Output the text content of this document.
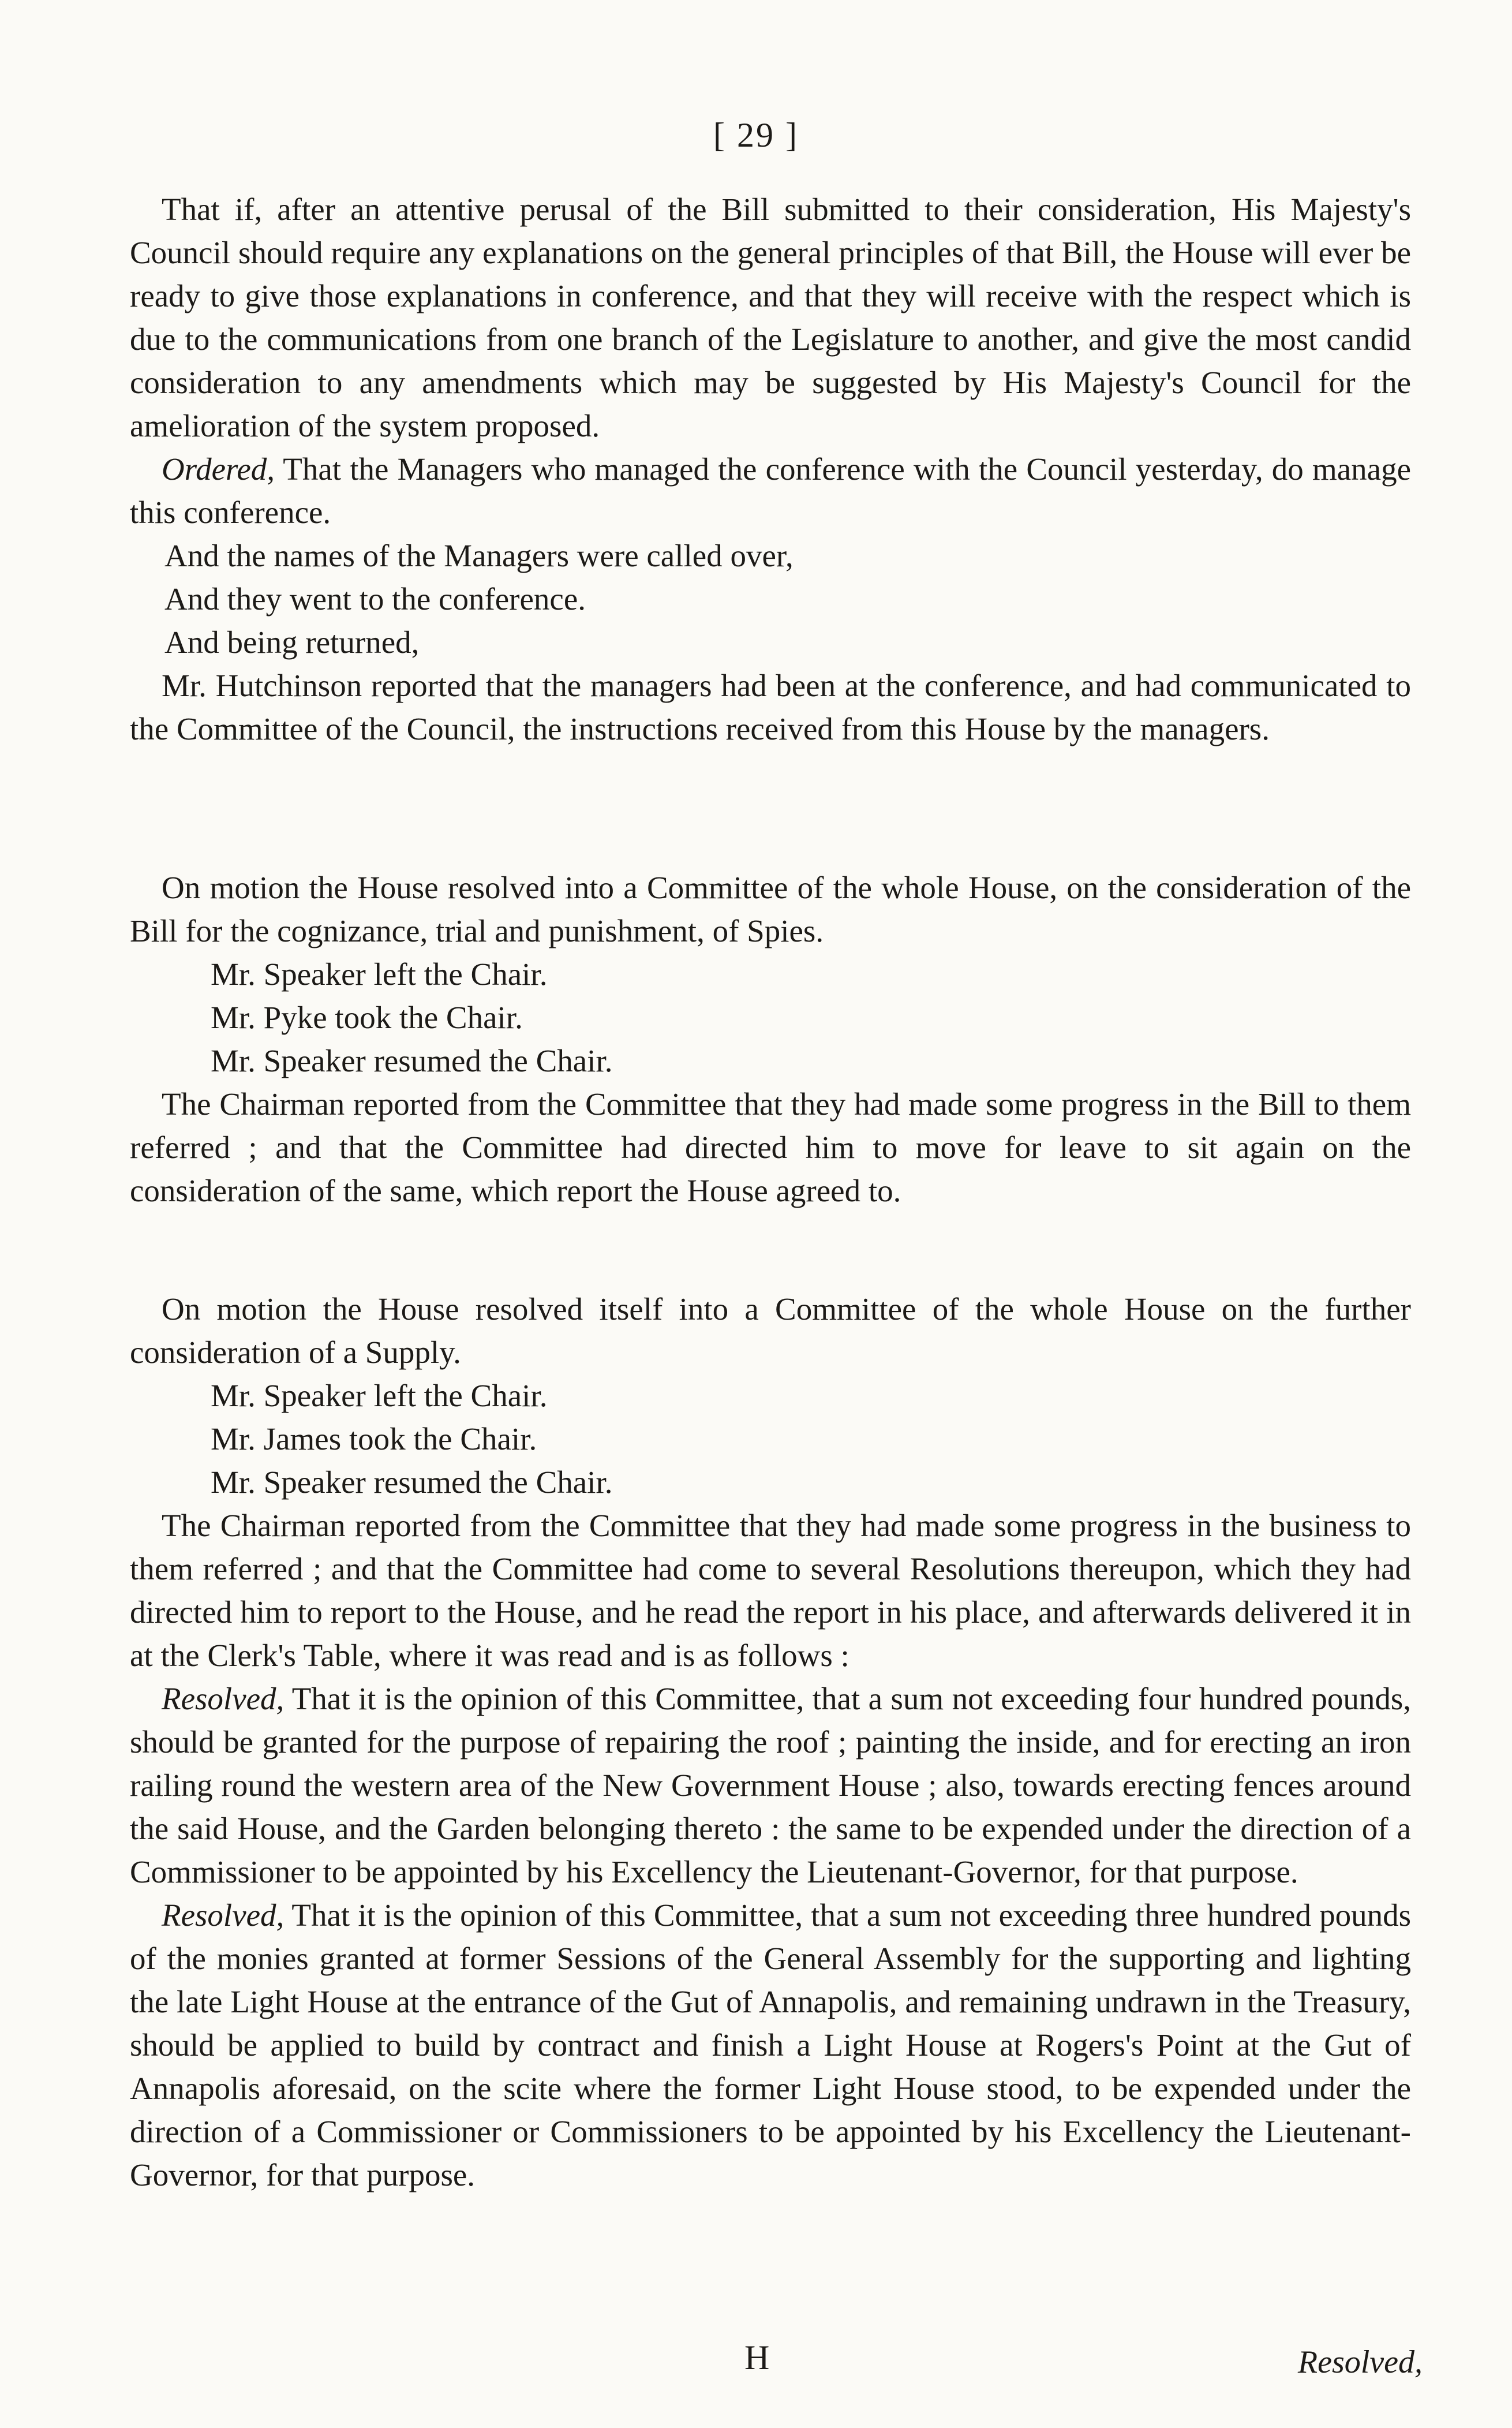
[ 29 ]

That if, after an attentive perusal of the Bill submitted to their consideration, His Majesty's Council should require any explanations on the general principles of that Bill, the House will ever be ready to give those explanations in conference, and that they will receive with the respect which is due to the communications from one branch of the Legislature to another, and give the most candid consideration to any amendments which may be suggested by His Majesty's Council for the amelioration of the system proposed.

Ordered, That the Managers who managed the conference with the Council yesterday, do manage this conference.

And the names of the Managers were called over,

And they went to the conference.

And being returned,

Mr. Hutchinson reported that the managers had been at the conference, and had communicated to the Committee of the Council, the instructions received from this House by the managers.

On motion the House resolved into a Committee of the whole House, on the consideration of the Bill for the cognizance, trial and punishment, of Spies.

Mr. Speaker left the Chair.

Mr. Pyke took the Chair.

Mr. Speaker resumed the Chair.

The Chairman reported from the Committee that they had made some progress in the Bill to them referred ; and that the Committee had directed him to move for leave to sit again on the consideration of the same, which report the House agreed to.

On motion the House resolved itself into a Committee of the whole House on the further consideration of a Supply.

Mr. Speaker left the Chair.

Mr. James took the Chair.

Mr. Speaker resumed the Chair.

The Chairman reported from the Committee that they had made some progress in the business to them referred ; and that the Committee had come to several Resolutions thereupon, which they had directed him to report to the House, and he read the report in his place, and afterwards delivered it in at the Clerk's Table, where it was read and is as follows :

Resolved, That it is the opinion of this Committee, that a sum not exceeding four hundred pounds, should be granted for the purpose of repairing the roof ; painting the inside, and for erecting an iron railing round the western area of the New Government House ; also, towards erecting fences around the said House, and the Garden belonging thereto : the same to be expended under the direction of a Commissioner to be appointed by his Excellency the Lieutenant-Governor, for that purpose.

Resolved, That it is the opinion of this Committee, that a sum not exceeding three hundred pounds of the monies granted at former Sessions of the General Assembly for the supporting and lighting the late Light House at the entrance of the Gut of Annapolis, and remaining undrawn in the Treasury, should be applied to build by contract and finish a Light House at Rogers's Point at the Gut of Annapolis aforesaid, on the scite where the former Light House stood, to be expended under the direction of a Commissioner or Commissioners to be appointed by his Excellency the Lieutenant-Governor, for that purpose.

H	Resolved,
